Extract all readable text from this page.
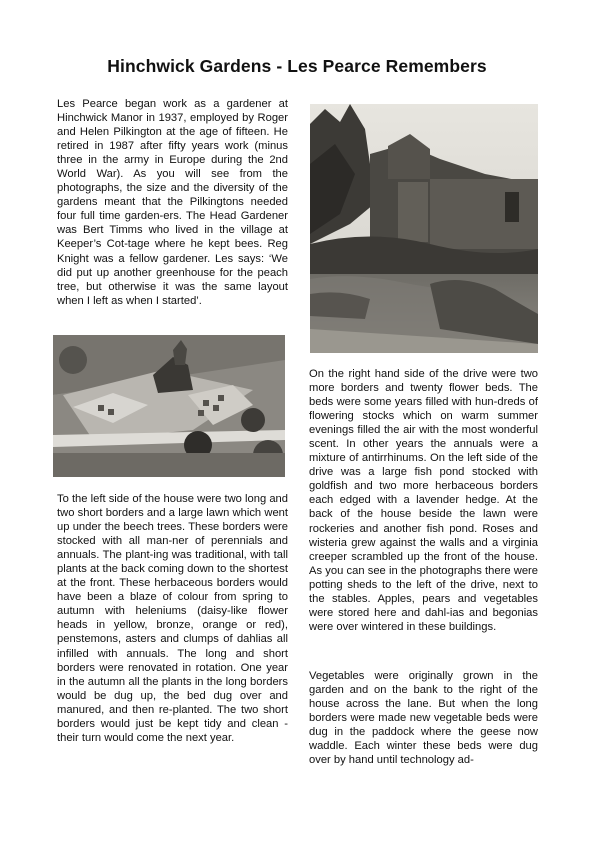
Hinchwick Gardens - Les Pearce Remembers

Les Pearce began work as a gardener at Hinchwick Manor in 1937, employed by Roger and Helen Pilkington at the age of fifteen. He retired in 1987 after fifty years work (minus three in the army in Europe during the 2nd World War). As you will see from the photographs, the size and the diversity of the gardens meant that the Pilkingtons needed four full time garden-ers. The Head Gardener was Bert Timms who lived in the village at Keeper’s Cot-tage where he kept bees. Reg Knight was a fellow gardener. Les says: ‘We did put up another greenhouse for the peach tree, but otherwise it was the same layout when I left as when I started’.

To the left side of the house were two long and two short borders and a large lawn which went up under the beech trees. These borders were stocked with all man-ner of perennials and annuals. The plant-ing was traditional, with tall plants at the back coming down to the shortest at the front. These herbaceous borders would have been a blaze of colour from spring to autumn with heleniums (daisy-like flower heads in yellow, bronze, orange or red), penstemons, asters and clumps of dahlias all infilled with annuals. The long and short borders were renovated in rotation. One year in the autumn all the plants in the long borders would be dug up, the bed dug over and manured, and then re-planted. The two short borders would just be kept tidy and clean - their turn would come the next year.

On the right hand side of the drive were two more borders and twenty flower beds. The beds were some years filled with hun-dreds of flowering stocks which on warm summer evenings filled the air with the most wonderful scent. In other years the annuals were a mixture of antirrhinums. On the left side of the drive was a large fish pond stocked with goldfish and two more herbaceous borders each edged with a lavender hedge. At the back of the house beside the lawn were rockeries and another fish pond. Roses and wisteria grew against the walls and a virginia creeper scrambled up the front of the house. As you can see in the photographs there were potting sheds to the left of the drive, next to the stables. Apples, pears and vegetables were stored here and dahl-ias and begonias were over wintered in these buildings.

Vegetables were originally grown in the garden and on the bank to the right of the house across the lane. But when the long borders were made new vegetable beds were dug in the paddock where the geese now waddle. Each winter these beds were dug over by hand until technology ad-
